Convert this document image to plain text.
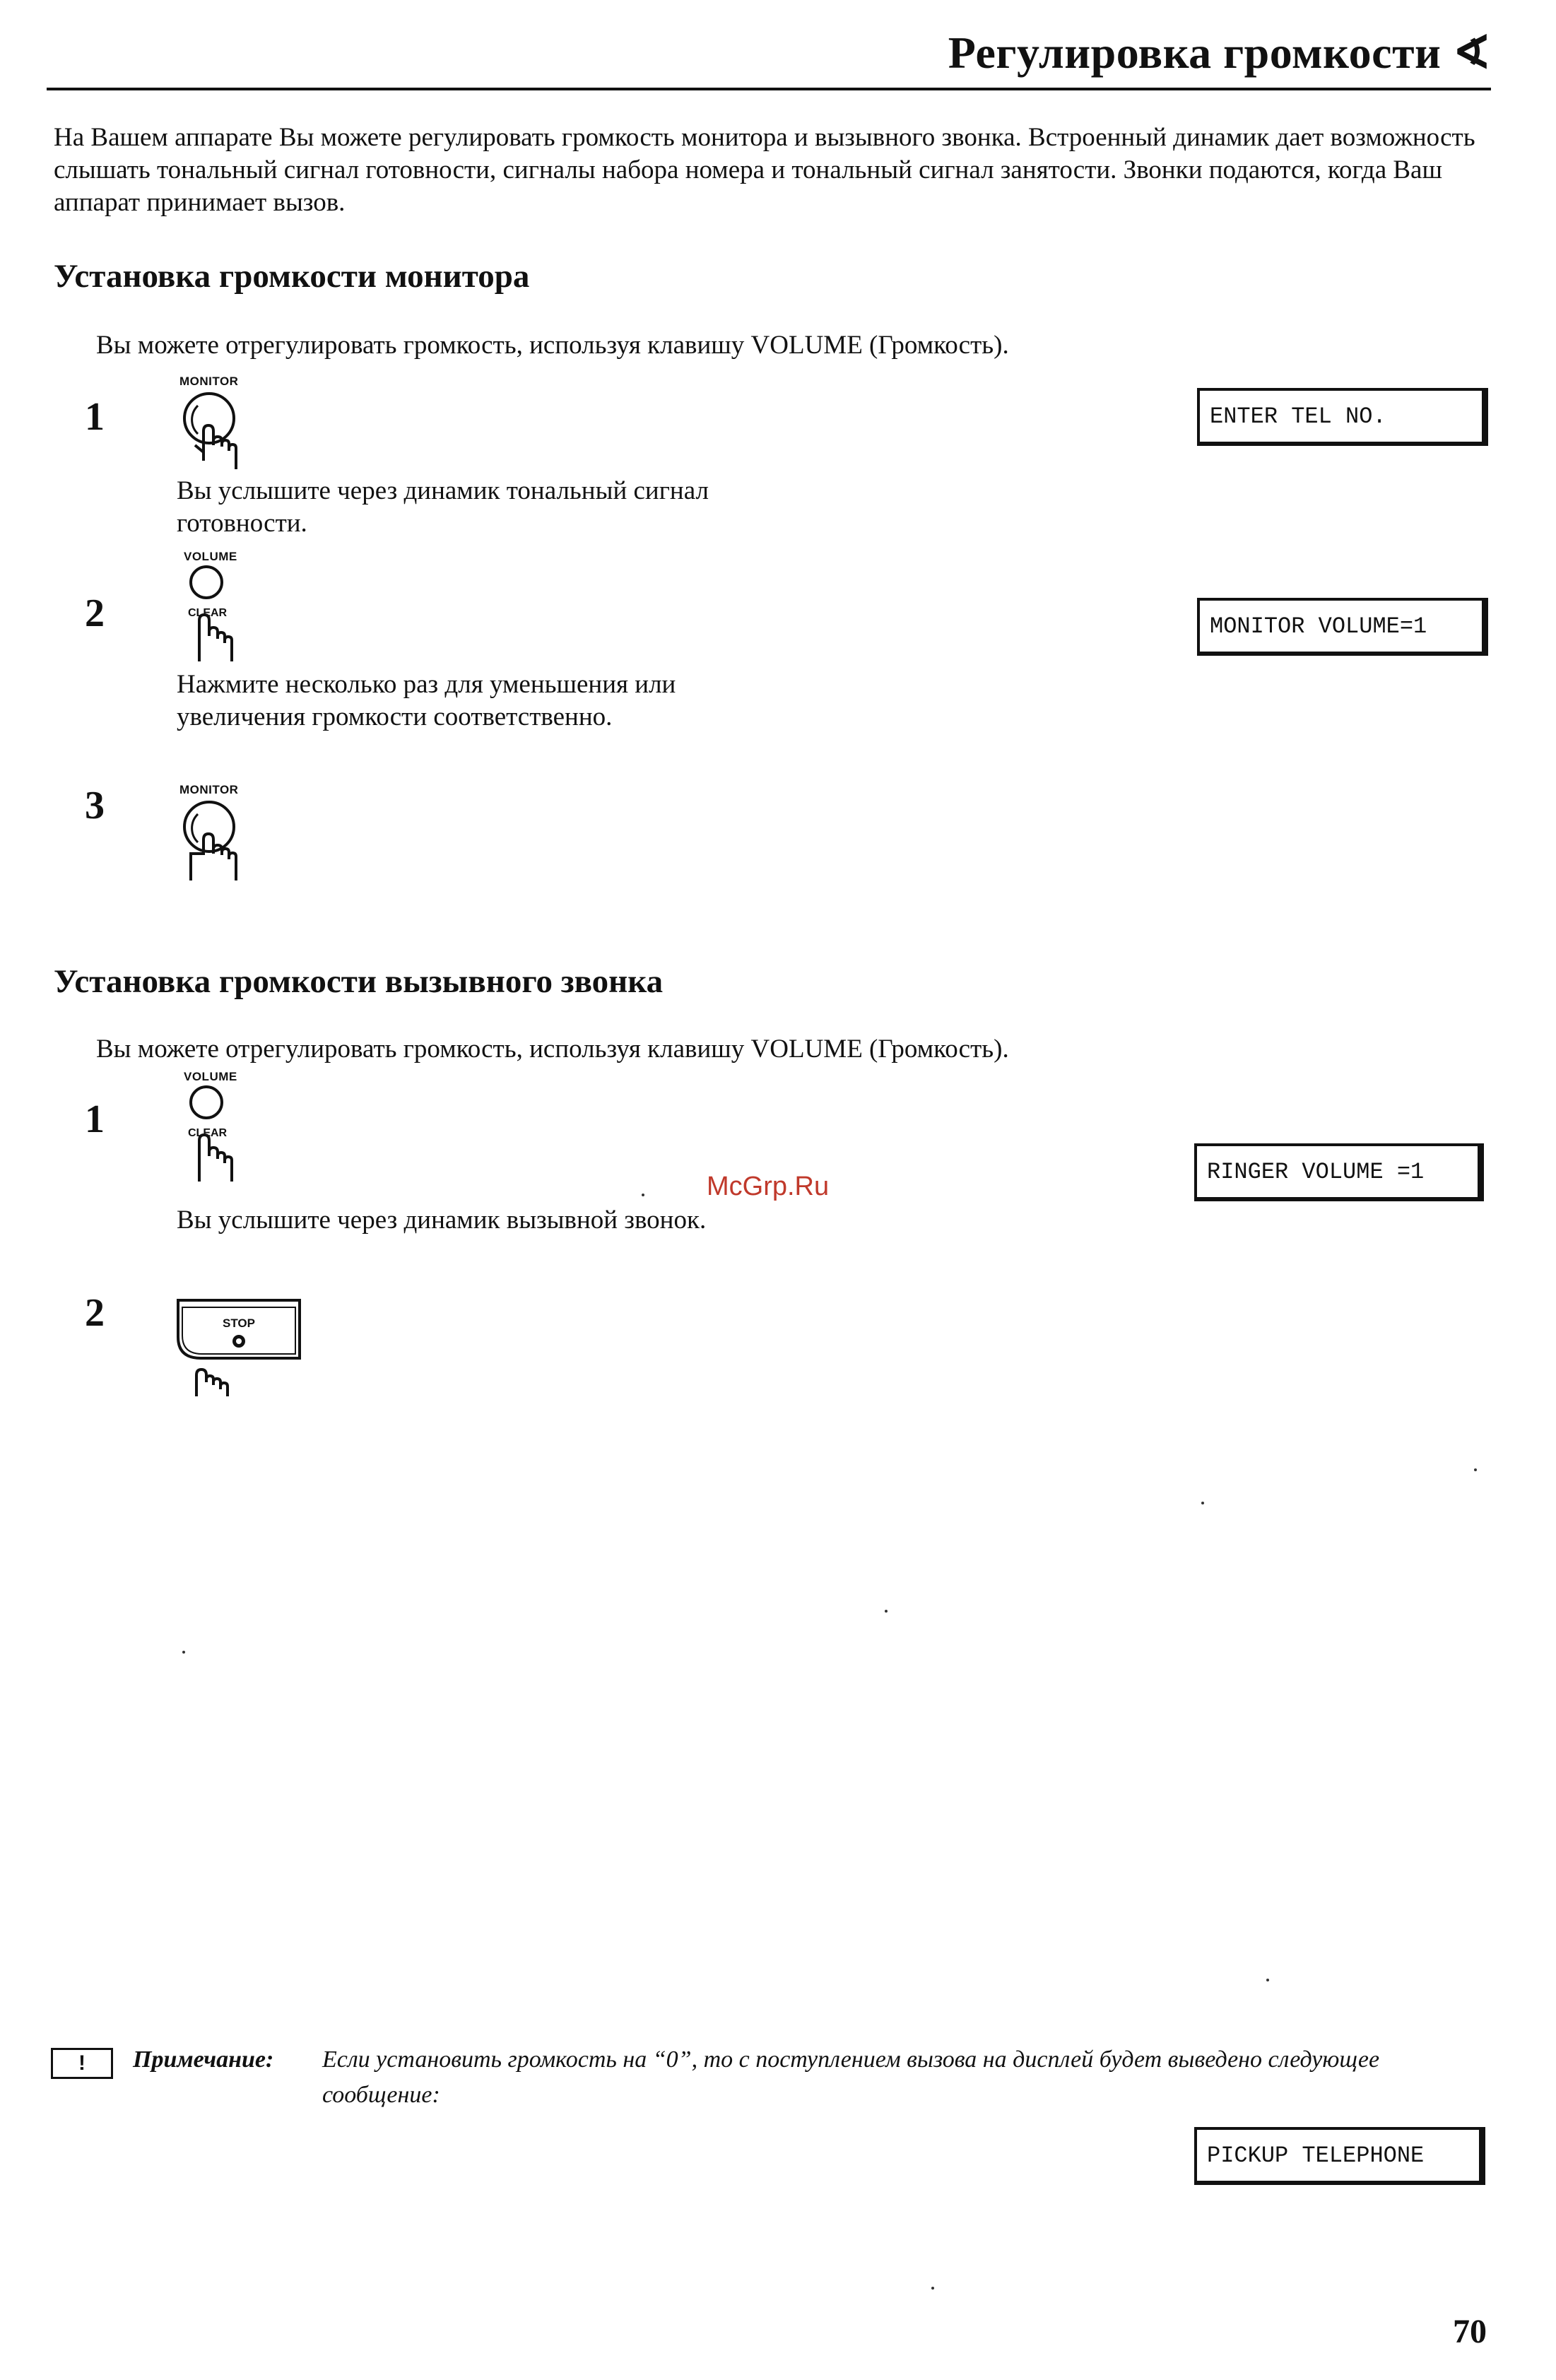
Регулировка громкости ∢
На Вашем аппарате Вы можете регулировать громкость монитора и вызывного звонка. Встроенный динамик дает возможность слышать тональный сигнал готовности, сигналы набора номера и тональный сигнал занятости. Звонки подаются, когда Ваш аппарат принимает вызов.
Установка громкости монитора
Вы можете отрегулировать громкость, используя клавишу VOLUME (Громкость).
1
MONITOR
Вы услышите через динамик тональный сигнал готовности.
ENTER TEL NO.
2
VOLUME
CLEAR
Нажмите несколько раз для уменьшения или увеличения громкости соответственно.
MONITOR VOLUME=1
3	MONITOR
Установка громкости вызывного звонка
Вы можете отрегулировать громкость, используя клавишу VOLUME (Громкость).
1
VOLUME
CLEAR
Вы услышите через динамик вызывной звонок.
RINGER VOLUME =1
McGrp.Ru
2	STOP
!	Примечание: Если установить громкость на “0”, то с поступлением вызова на дисплей будет выведено следующее сообщение:
PICKUP TELEPHONE
70
